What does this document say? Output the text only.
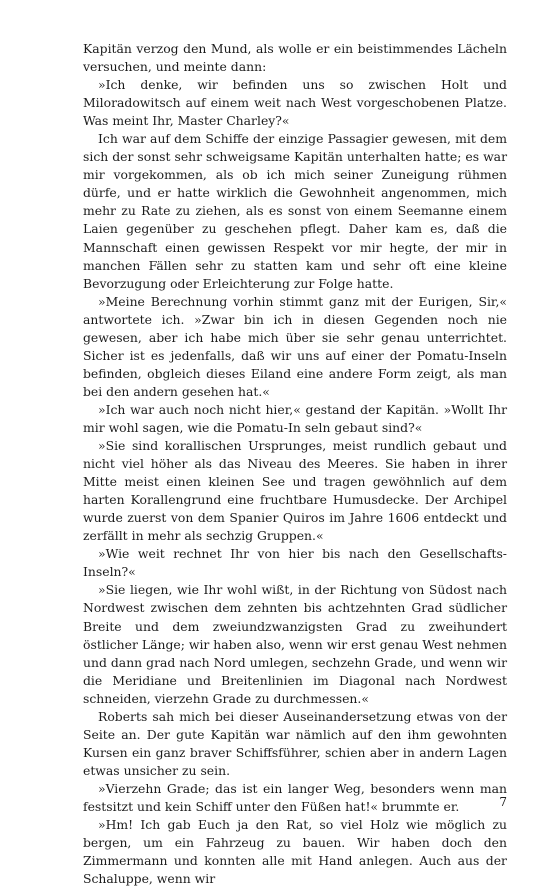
Kapitän verzog den Mund, als wolle er ein beistimmendes Lächeln versuchen, und meinte dann:

»Ich denke, wir befinden uns so zwischen Holt und Miloradowitsch auf einem weit nach West vorgeschobenen Platze. Was meint Ihr, Master Charley?«

Ich war auf dem Schiffe der einzige Passagier gewesen, mit dem sich der sonst sehr schweigsame Kapitän unterhalten hatte; es war mir vorgekommen, als ob ich mich seiner Zuneigung rühmen dürfe, und er hatte wirklich die Gewohnheit angenommen, mich mehr zu Rate zu ziehen, als es sonst von einem Seemanne einem Laien gegenüber zu geschehen pflegt. Daher kam es, daß die Mannschaft einen gewissen Respekt vor mir hegte, der mir in manchen Fällen sehr zu statten kam und sehr oft eine kleine Bevorzugung oder Erleichterung zur Folge hatte.

»Meine Berechnung vorhin stimmt ganz mit der Eurigen, Sir,« antwortete ich. »Zwar bin ich in diesen Gegenden noch nie gewesen, aber ich habe mich über sie sehr genau unterrichtet. Sicher ist es jedenfalls, daß wir uns auf einer der Pomatu-Inseln befinden, obgleich dieses Eiland eine andere Form zeigt, als man bei den andern gesehen hat.«

»Ich war auch noch nicht hier,« gestand der Kapitän. »Wollt Ihr mir wohl sagen, wie die Pomatu-In seln gebaut sind?«

»Sie sind korallischen Ursprunges, meist rundlich gebaut und nicht viel höher als das Niveau des Meeres. Sie haben in ihrer Mitte meist einen kleinen See und tragen gewöhnlich auf dem harten Korallengrund eine fruchtbare Humusdecke. Der Archipel wurde zuerst von dem Spanier Quiros im Jahre 1606 entdeckt und zerfällt in mehr als sechzig Gruppen.«

»Wie weit rechnet Ihr von hier bis nach den Gesellschafts-Inseln?«

»Sie liegen, wie Ihr wohl wißt, in der Richtung von Südost nach Nordwest zwischen dem zehnten bis achtzehnten Grad südlicher Breite und dem zweiundzwanzigsten Grad zu zweihundert östlicher Länge; wir haben also, wenn wir erst genau West nehmen und dann grad nach Nord umlegen, sechzehn Grade, und wenn wir die Meridiane und Breitenlinien im Diagonal nach Nordwest schneiden, vierzehn Grade zu durchmessen.«

Roberts sah mich bei dieser Auseinandersetzung etwas von der Seite an. Der gute Kapitän war nämlich auf den ihm gewohnten Kursen ein ganz braver Schiffsführer, schien aber in andern Lagen etwas unsicher zu sein.

»Vierzehn Grade; das ist ein langer Weg, besonders wenn man festsitzt und kein Schiff unter den Füßen hat!« brummte er.

»Hm! Ich gab Euch ja den Rat, so viel Holz wie möglich zu bergen, um ein Fahrzeug zu bauen. Wir haben doch den Zimmermann und konnten alle mit Hand anlegen. Auch aus der Schaluppe, wenn wir

7
